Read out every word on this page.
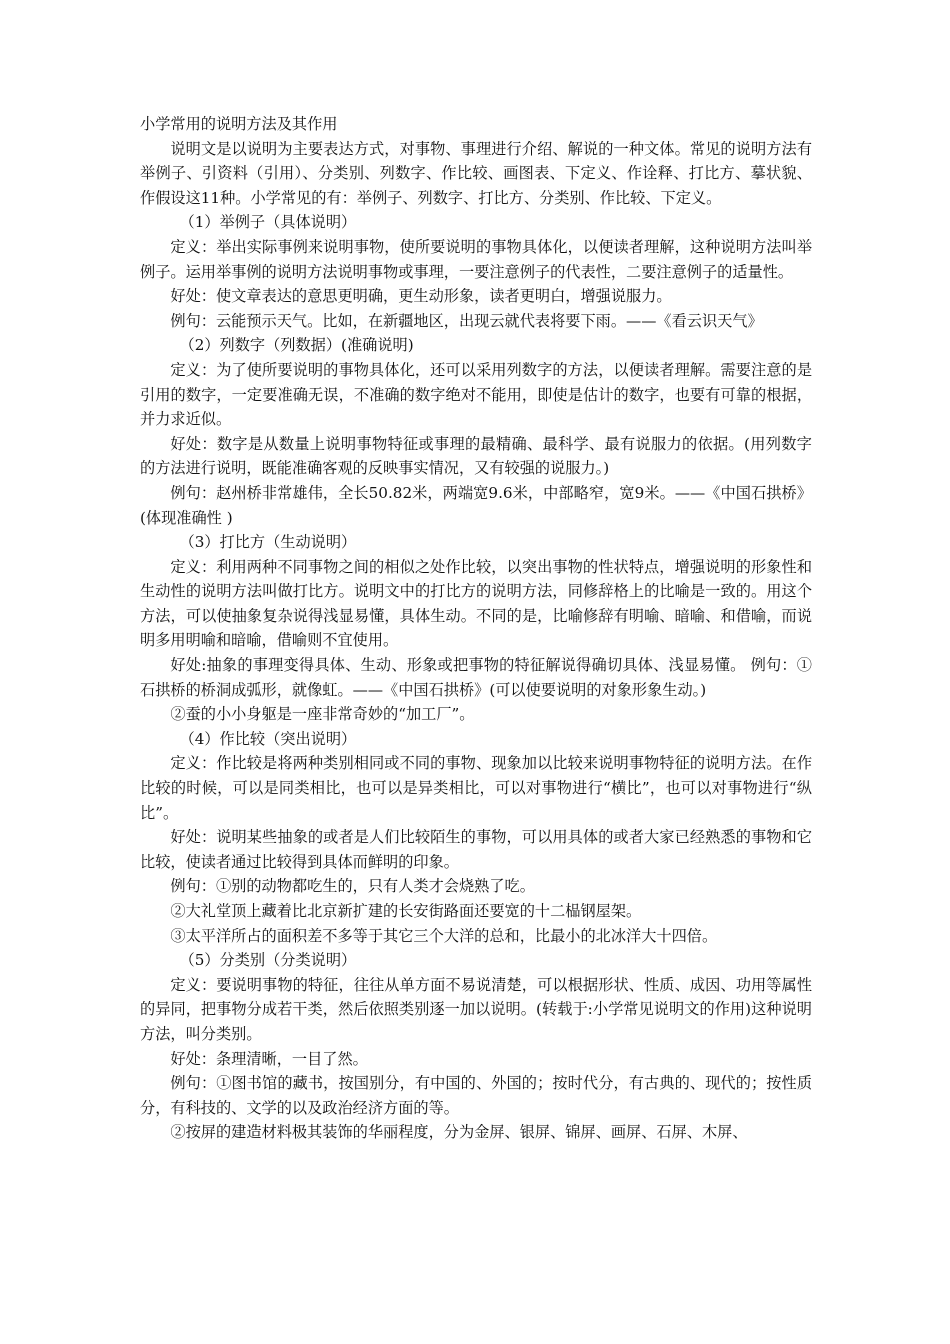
小学常用的说明方法及其作用

说明文是以说明为主要表达方式，对事物、事理进行介绍、解说的一种文体。常见的说明方法有举例子、引资料（引用）、分类别、列数字、作比较、画图表、下定义、作诠释、打比方、摹状貌、作假设这11种。小学常见的有：举例子、列数字、打比方、分类别、作比较、下定义。

（1）举例子（具体说明）

定义：举出实际事例来说明事物，使所要说明的事物具体化，以便读者理解，这种说明方法叫举例子。运用举事例的说明方法说明事物或事理，一要注意例子的代表性，二要注意例子的适量性。

好处：使文章表达的意思更明确，更生动形象，读者更明白，增强说服力。

例句：云能预示天气。比如，在新疆地区，出现云就代表将要下雨。——《看云识天气》

（2）列数字（列数据）(准确说明)

定义：为了使所要说明的事物具体化，还可以采用列数字的方法，以便读者理解。需要注意的是引用的数字，一定要准确无误，不准确的数字绝对不能用，即使是估计的数字，也要有可靠的根据，并力求近似。

好处：数字是从数量上说明事物特征或事理的最精确、最科学、最有说服力的依据。(用列数字的方法进行说明，既能准确客观的反映事实情况，又有较强的说服力。)

例句：赵州桥非常雄伟，全长50.82米，两端宽9.6米，中部略窄，宽9米。——《中国石拱桥》(体现准确性 )

（3）打比方（生动说明）

定义：利用两种不同事物之间的相似之处作比较，以突出事物的性状特点，增强说明的形象性和生动性的说明方法叫做打比方。说明文中的打比方的说明方法，同修辞格上的比喻是一致的。用这个方法，可以使抽象复杂说得浅显易懂，具体生动。不同的是，比喻修辞有明喻、暗喻、和借喻，而说明多用明喻和暗喻，借喻则不宜使用。

好处:抽象的事理变得具体、生动、形象或把事物的特征解说得确切具体、浅显易懂。 例句：①石拱桥的桥洞成弧形，就像虹。——《中国石拱桥》(可以使要说明的对象形象生动。)

②蚕的小小身躯是一座非常奇妙的“加工厂”。

（4）作比较（突出说明）

定义：作比较是将两种类别相同或不同的事物、现象加以比较来说明事物特征的说明方法。在作比较的时候，可以是同类相比，也可以是异类相比，可以对事物进行“横比”，也可以对事物进行“纵比”。

好处：说明某些抽象的或者是人们比较陌生的事物，可以用具体的或者大家已经熟悉的事物和它比较，使读者通过比较得到具体而鲜明的印象。

例句：①别的动物都吃生的，只有人类才会烧熟了吃。

②大礼堂顶上藏着比北京新扩建的长安街路面还要宽的十二榀钢屋架。

③太平洋所占的面积差不多等于其它三个大洋的总和，比最小的北冰洋大十四倍。

（5）分类别（分类说明）

定义：要说明事物的特征，往往从单方面不易说清楚，可以根据形状、性质、成因、功用等属性的异同，把事物分成若干类，然后依照类别逐一加以说明。(转载于:小学常见说明文的作用)这种说明方法，叫分类别。

好处：条理清晰，一目了然。

例句：①图书馆的藏书，按国别分，有中国的、外国的；按时代分，有古典的、现代的；按性质分，有科技的、文学的以及政治经济方面的等。

②按屏的建造材料极其装饰的华丽程度，分为金屏、银屏、锦屏、画屏、石屏、木屏、
